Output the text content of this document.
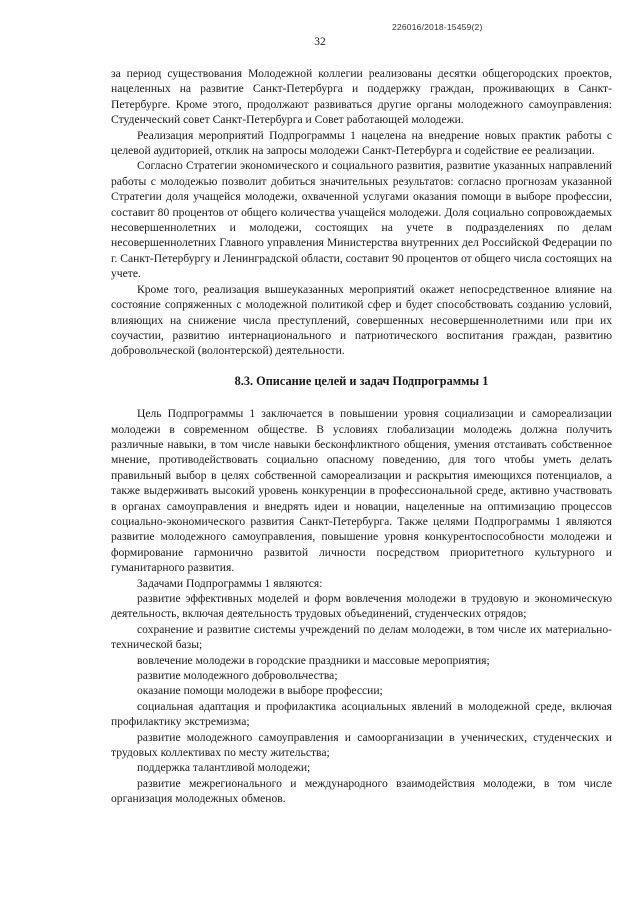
226016/2018-15459(2)
32

за период существования Молодежной коллегии реализованы десятки общегородских проектов, нацеленных на развитие Санкт-Петербурга и поддержку граждан, проживающих в Санкт-Петербурге. Кроме этого, продолжают развиваться другие органы молодежного самоуправления: Студенческий совет Санкт-Петербурга и Совет работающей молодежи.

Реализация мероприятий Подпрограммы 1 нацелена на внедрение новых практик работы с целевой аудиторией, отклик на запросы молодежи Санкт-Петербурга и содействие ее реализации.

Согласно Стратегии экономического и социального развития, развитие указанных направлений работы с молодежью позволит добиться значительных результатов: согласно прогнозам указанной Стратегии доля учащейся молодежи, охваченной услугами оказания помощи в выборе профессии, составит 80 процентов от общего количества учащейся молодежи. Доля социально сопровождаемых несовершеннолетних и молодежи, состоящих на учете в подразделениях по делам несовершеннолетних Главного управления Министерства внутренних дел Российской Федерации по г. Санкт-Петербургу и Ленинградской области, составит 90 процентов от общего числа состоящих на учете.

Кроме того, реализация вышеуказанных мероприятий окажет непосредственное влияние на состояние сопряженных с молодежной политикой сфер и будет способствовать созданию условий, влияющих на снижение числа преступлений, совершенных несовершеннолетними или при их соучастии, развитию интернационального и патриотического воспитания граждан, развитию добровольческой (волонтерской) деятельности.

8.3. Описание целей и задач Подпрограммы 1

Цель Подпрограммы 1 заключается в повышении уровня социализации и самореализации молодежи в современном обществе. В условиях глобализации молодежь должна получить различные навыки, в том числе навыки бесконфликтного общения, умения отстаивать собственное мнение, противодействовать социально опасному поведению, для того чтобы уметь делать правильный выбор в целях собственной самореализации и раскрытия имеющихся потенциалов, а также выдерживать высокий уровень конкуренции в профессиональной среде, активно участвовать в органах самоуправления и внедрять идеи и новации, нацеленные на оптимизацию процессов социально-экономического развития Санкт-Петербурга. Также целями Подпрограммы 1 являются развитие молодежного самоуправления, повышение уровня конкурентоспособности молодежи и формирование гармонично развитой личности посредством приоритетного культурного и гуманитарного развития.

Задачами Подпрограммы 1 являются:

развитие эффективных моделей и форм вовлечения молодежи в трудовую и экономическую деятельность, включая деятельность трудовых объединений, студенческих отрядов;

сохранение и развитие системы учреждений по делам молодежи, в том числе их материально-технической базы;

вовлечение молодежи в городские праздники и массовые мероприятия;

развитие молодежного добровольчества;

оказание помощи молодежи в выборе профессии;

социальная адаптация и профилактика асоциальных явлений в молодежной среде, включая профилактику экстремизма;

развитие молодежного самоуправления и самоорганизации в ученических, студенческих и трудовых коллективах по месту жительства;

поддержка талантливой молодежи;

развитие межрегионального и международного взаимодействия молодежи, в том числе организация молодежных обменов.
